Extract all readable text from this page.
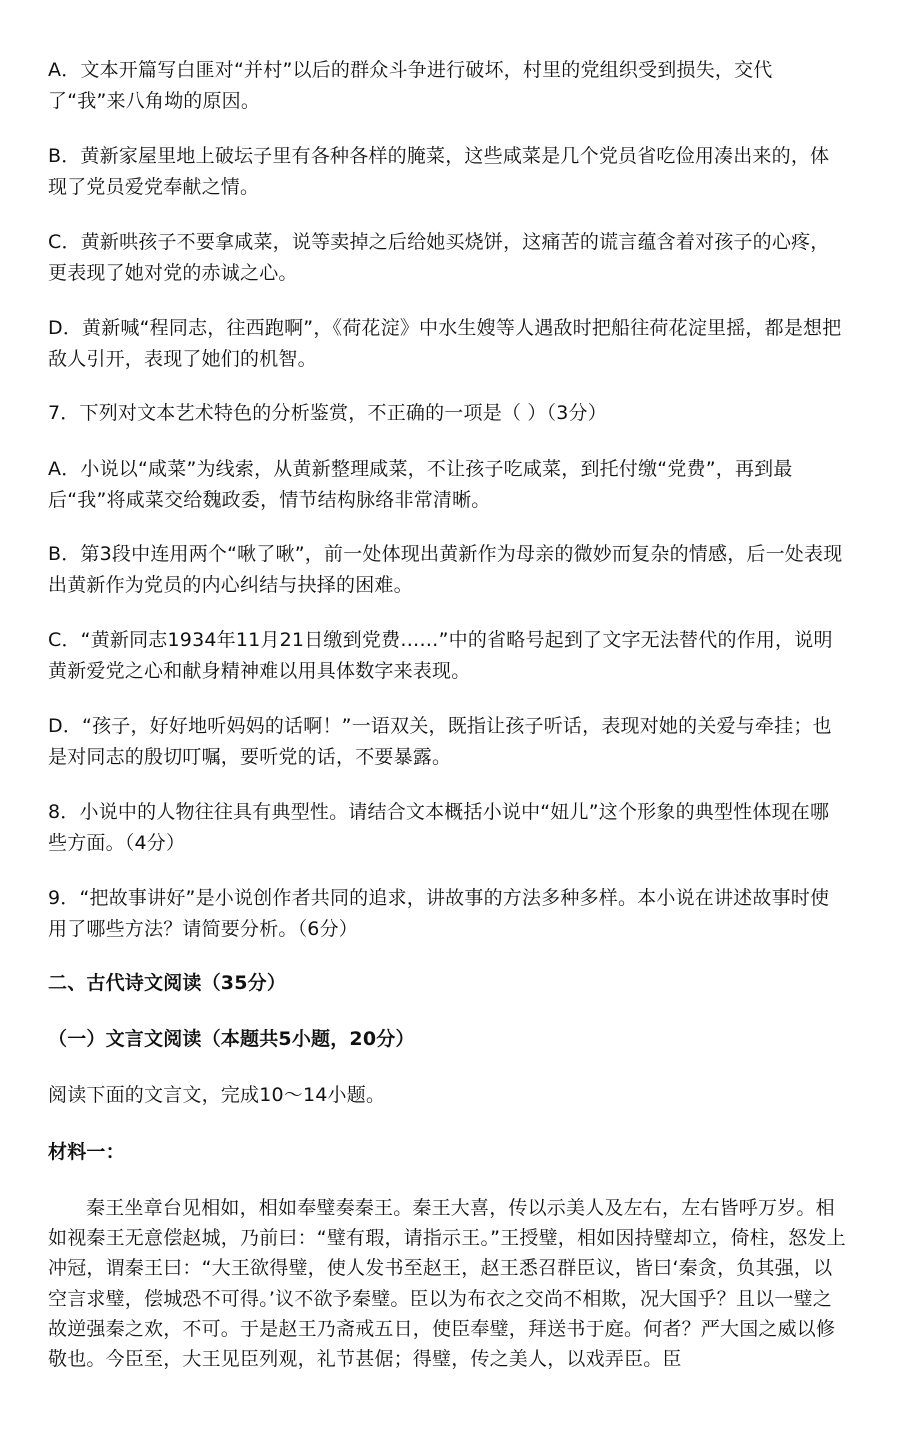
A．文本开篇写白匪对“并村”以后的群众斗争进行破坏，村里的党组织受到损失，交代了“我”来八角坳的原因。

B．黄新家屋里地上破坛子里有各种各样的腌菜，这些咸菜是几个党员省吃俭用凑出来的，体现了党员爱党奉献之情。

C．黄新哄孩子不要拿咸菜，说等卖掉之后给她买烧饼，这痛苦的谎言蕴含着对孩子的心疼，更表现了她对党的赤诚之心。

D．黄新喊“程同志，往西跑啊”，《荷花淀》中水生嫂等人遇敌时把船往荷花淀里摇，都是想把敌人引开，表现了她们的机智。

7．下列对文本艺术特色的分析鉴赏，不正确的一项是（ ）（3分）

A．小说以“咸菜”为线索，从黄新整理咸菜，不让孩子吃咸菜，到托付缴“党费”，再到最后“我”将咸菜交给魏政委，情节结构脉络非常清晰。

B．第3段中连用两个“啾了啾”，前一处体现出黄新作为母亲的微妙而复杂的情感，后一处表现出黄新作为党员的内心纠结与抉择的困难。

C．“黄新同志1934年11月21日缴到党费……”中的省略号起到了文字无法替代的作用，说明黄新爱党之心和献身精神难以用具体数字来表现。

D．“孩子，好好地听妈妈的话啊！”一语双关，既指让孩子听话，表现对她的关爱与牵挂；也是对同志的殷切叮嘱，要听党的话，不要暴露。

8．小说中的人物往往具有典型性。请结合文本概括小说中“妞儿”这个形象的典型性体现在哪些方面。（4分）

9．“把故事讲好”是小说创作者共同的追求，讲故事的方法多种多样。本小说在讲述故事时使用了哪些方法？请简要分析。（6分）

二、古代诗文阅读（35分）

（一）文言文阅读（本题共5小题，20分）

阅读下面的文言文，完成10～14小题。

材料一：

秦王坐章台见相如，相如奉璧奏秦王。秦王大喜，传以示美人及左右，左右皆呼万岁。相如视秦王无意偿赵城，乃前曰：“璧有瑕，请指示王。”王授璧，相如因持璧却立，倚柱，怒发上冲冠，谓秦王曰：“大王欲得璧，使人发书至赵王，赵王悉召群臣议，皆曰‘秦贪，负其强，以空言求璧，偿城恐不可得。’议不欲予秦璧。臣以为布衣之交尚不相欺，况大国乎？且以一璧之故逆强秦之欢，不可。于是赵王乃斋戒五日，使臣奉璧，拜送书于庭。何者？严大国之威以修敬也。今臣至，大王见臣列观，礼节甚倨；得璧，传之美人，以戏弄臣。臣
